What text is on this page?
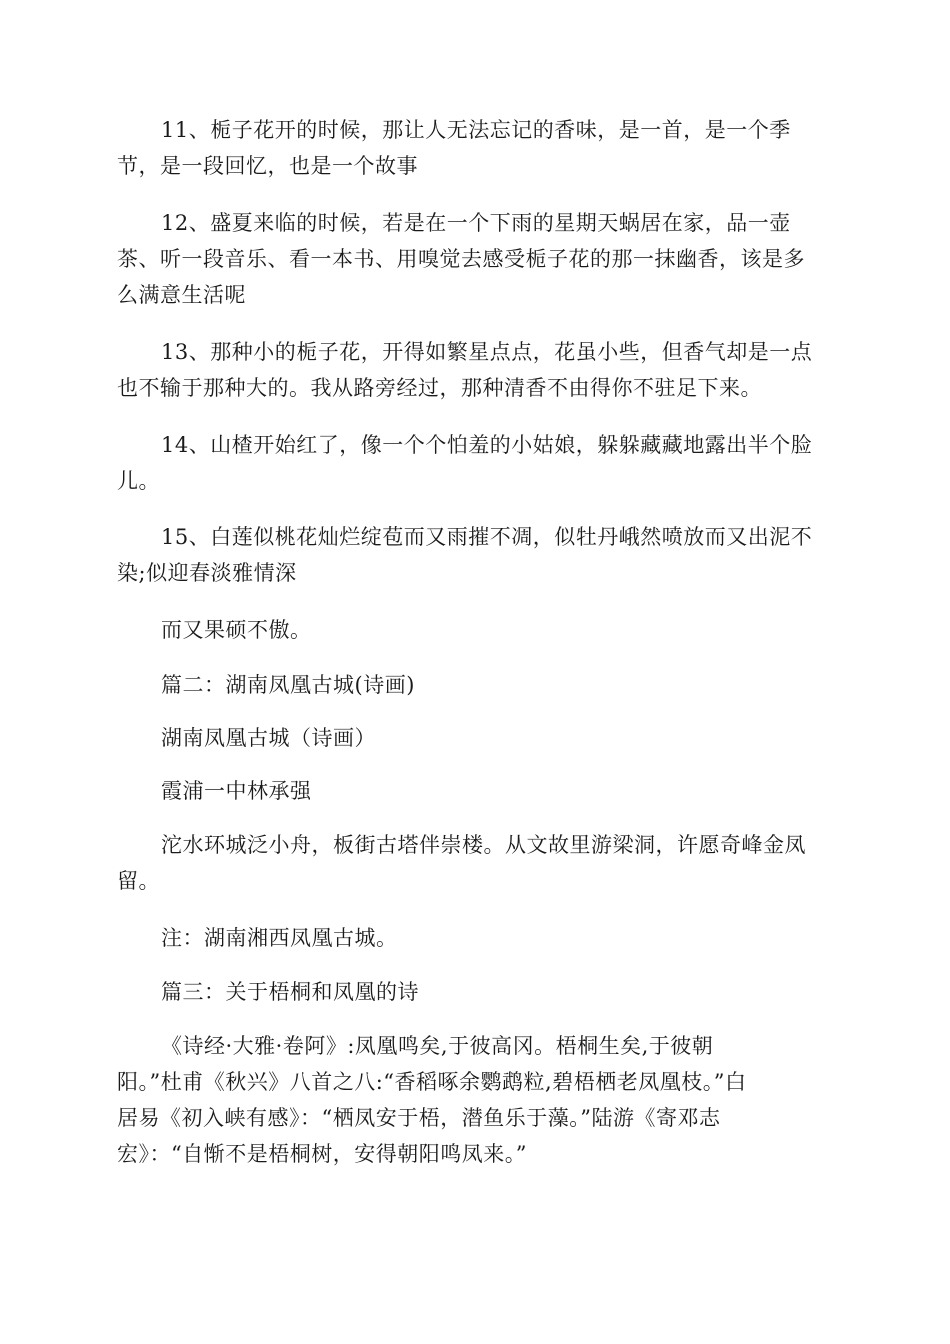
11、栀子花开的时候，那让人无法忘记的香味，是一首，是一个季
节，是一段回忆，也是一个故事

12、盛夏来临的时候，若是在一个下雨的星期天蜗居在家，品一壶
茶、听一段音乐、看一本书、用嗅觉去感受栀子花的那一抹幽香，该是多
么满意生活呢

13、那种小的栀子花，开得如繁星点点，花虽小些，但香气却是一点
也不输于那种大的。我从路旁经过，那种清香不由得你不驻足下来。

14、山楂开始红了，像一个个怕羞的小姑娘，躲躲藏藏地露出半个脸
儿。

15、白莲似桃花灿烂绽苞而又雨摧不凋，似牡丹峨然喷放而又出泥不
染;似迎春淡雅情深

而又果硕不傲。

篇二：湖南凤凰古城(诗画)

湖南凤凰古城（诗画）

霞浦一中林承强

沱水环城泛小舟，板街古塔伴崇楼。从文故里游梁洞，许愿奇峰金凤
留。

注：湖南湘西凤凰古城。

篇三：关于梧桐和凤凰的诗

《诗经·大雅·卷阿》:凤凰鸣矣,于彼高冈。梧桐生矣,于彼朝
阳。”杜甫《秋兴》八首之八:“香稻啄余鹦鹉粒,碧梧栖老凤凰枝。”白
居易《初入峡有感》：“栖凤安于梧，潜鱼乐于藻。”陆游《寄邓志
宏》：“自惭不是梧桐树，安得朝阳鸣凤来。”
